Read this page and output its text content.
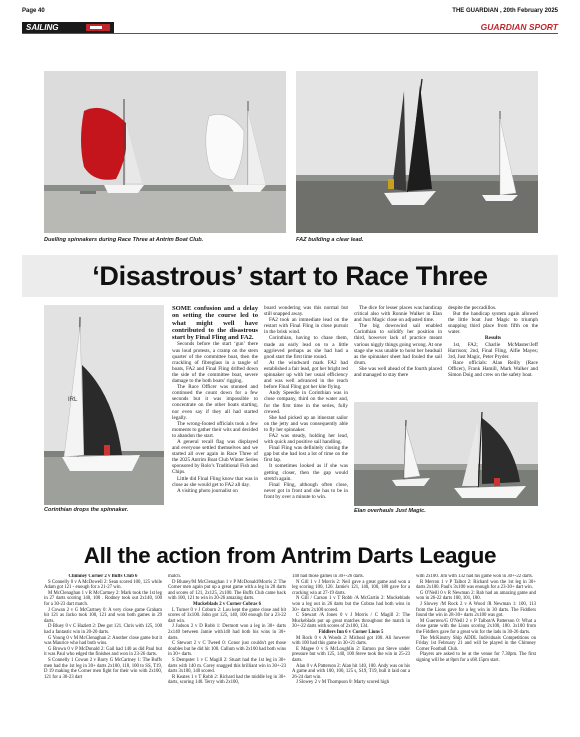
Page 40	THE GUARDIAN , 20th February 2025
SAILING	GUARDIAN SPORT
Duelling spinnakers during Race Three at Antrim Boat Club.	FAZ building a clear lead.
‘Disastrous’ start to Race Three
IRL
Corinthian drops the spinnaker.

SOME confusion and a delay on setting the course led to what might well have contributed to the disastrous start by Final Fling and FA2.

Seconds before the start ‘gun’ there was loud protests, a cramp on the stern quarter of the committee boat, then the crackling of fibreglass in a tangle of boats, FA2 and Final Fling drifted down the side of the committee boat, severe damage to the both boats’ rigging.

The Race Officer was stunned and continued the count down for a few seconds but it was impossible to concentrate on the other boats starting, nor even say if they all had started legally.

The wrong-footed officials took a few moments to gather their wits and decided to abandon the start.

A general recall flag was displayed and everyone settled themselves and we started all over again in Race Three of the 2025 Antrim Boat Club Winter Series sponsored by Rolo’s Traditional Fish and Chips.

Little did Final Fling know that was in close as she would get to FA2 all day.

A visiting photo journalist on

board wondering was this normal but still snapped away.

FA2 took an immediate lead on the restart with Final Fling in close pursuit in the brisk wind.

Corinthian, having to chase them, made an early lead on to a little aggrieved perhaps as she had had a good start the first time round.

At the windward mark FA2 had established a fair lead, got her bright red spinnaker up with her usual efficiency and was well advanced in the reach before Final Fling got her kite flying.

Andy Speedie in Corinthian was in close company, third on the water and, for the first time in the series, fully crewed.

She had picked up an itinerant sailor on the jetty and was consequently able to fly her spinnaker.

FA2 was steady, holding her lead, with quick and positive sail handling.

Final Fling was definitely closing the gap but she had lost a lot of time on the first lap.

It sometimes looked as if she was getting closer, then the gap would stretch again.

Final Fling, although often close, never got in front and she has to be in front by over a minute to win.

The dice for lesser places was handicap critical also with Ronnie Walker in Elan and Just Magic close on adjusted time.

The big downwind sail enabled Corinthian to solidify her position in third, however lack of practice meant various niggly things going wrong. At one stage she was unable to hoist her headsail as the spinnaker sheet had fouled the sail drum.

She was well ahead of the fourth placed and managed to stay there

despite the peccadillos.

But the handicap system again allowed the little boat Just Magic to triumph snapping third place from fifth on the water.

Results

1st, FA2; Charlie McMaster/Jeff Harrison; 2nd, Final Fling, Alfie Mayes; 3rd, Just Magic, Peter Pryder.

Race officials: Alan Reilly (Race Officer), Frank Hamill, Mark Walker and Simon Doig and crew on the safety boat.

Elan overhauls Just Magic.
All the action from Antrim Darts League

Chimney Corner 2 v Buffs Club 6

S Connelly 0 v A McDowell 2: Sean scored 100, 125 while Adam got 121 - enough for a 21-27 win.

M McClenaghan 1 v R McCartney 2: Mark took the 1st leg in 27 darts scoring 140, 100 . Rodney took out 2x140, 100 for a 30-23 dart match.

J Cowan 2 v G McCartney 0: A very close game Graham hit 121 as Jacko took 100, 121 and won both games in 29 darts.

D Bluey 0 v C Hazlett 2: Dee got 121. Chris with 125, 100 had a fantastic win in 20-20 darts.

G Young 0 v M McClenaghan 2: Another close game but it was Maurice who had both wins.

G Brown 0 v P McDonald 2: Gail had 140 as did Paul but it was Paul who edged the finishes and won in 23-26 darts.

S Connelly 1 Cowan 2 v Barry G McCartney 1: The Buffs men had the 1st leg in 30+ darts 2x100, 118, 100 to SS, T19, D 19 making the Corner men fight for their win with 2x100, 121 for a 30-23 dart

match.

D Bluney/M McClenaghan 1 v P McDonald/Morris 2: The Corner men again put up a great game with a leg in 28 darts and scores of 121, 2x125, 2x100. The Buffs Club came back with 100, 121 to win in 20-26 amazing darts.

Muckeblads 2 v Corner Cobras 6

L Turner 0 v J Coburn 2: Lou kept the game close and hit scores of 3x100. John got 125, 140, 100 enough for a 23-22 dart win.

J Judson 2 v D Robb 1: Dermott won a leg in 30+ darts 2x140 between Jamie with140 had both his wins in 30+ darts.

C Stewart 2 v C Tweed 0: Conor just couldn't get those doubles but he did hit 100. Callum with 2x100 had both wins in 30+ darts.

S Dempster 1 v C Magill 2: Stuart had the 1st leg in 30+ darts with 140 m. Corey snagged this brilliant win in 30+-23 darts 3x100, 140 scored.

R Keates 1 v T Robb 2: Richard had the middle leg in 30+ darts, scoring 140. Terry with 2x100,

140 had those games in 30+-26 darts.

N Gill 1 v J Morris 2: Neil gave a great game and won a leg scoring 100, 120. Jamie's 121, 140, 100, 180 gave for a cracking win at 27-19 darts.

N Gill / Carson 1 v T Robb /A McGartin 2: Muckeblads won a leg out in 26 darts but the Cobras had both wins in 30+ darts 2x100 scored.

C Stewart /A Jones 0 v J Morris / C Magill 2: The Muckeblads put up great matches throughout the match in 30+-22 darts with scores of 2x100, 134.

Fiddlers Inn 6 v Corner Lions 5

M Rock 0 v A Woods 2: Micheal got 100. Ali however with 100 had this game in 30+21 darts.

E Magee 0 v S McLoughlin 2: Eamon put Steve under pressure but with 125, 140, 100 Steve took the win in 25-23 darts.

Alan 0 v A Patterson 2: Alan hit 140, 100. Andy was on his A game and with 100, 100, 125 s, S19, T19, bull it laid out a 26-24 dart win.

J Slowey 2 v M Thompson 0: Marty scored high

with 2x100. Jim with 132 had his game won in 30+-22 darts.

R Merron 1 v P Talbot 2: Richard won the 1st leg in 30+ darts 2x100. Paul's 3x100 was enough for a 23-30+ dart win.

G O'Neill 0 v R Newman 2: Rab had an amazing game and won in 26-22 darts 100, 101, 100.

J Slowey /M Rock 2 v A Wood /R Newman 1: 100, 113 from the Lions gave for a leg win in 30 darts. The Fiddlers found the win in 28-30+ darts 2x100 was got.

M Guerrero/G O'Neill 2 v P Talbot/A Patterson 0: What a close game with the Lions scoring 2x100, 180. 3x100 from the Fiddlers gave for a great win for the lads in 30-26 darts.

The McKinstry Ship ADDL Individuals Competitions on Friday 1st February 21 and will be played in the Chimney Corner Football Club.

Players are asked to be at the venue for 7.30pm. The first signing will be at 8pm for a s68.15pm start.
